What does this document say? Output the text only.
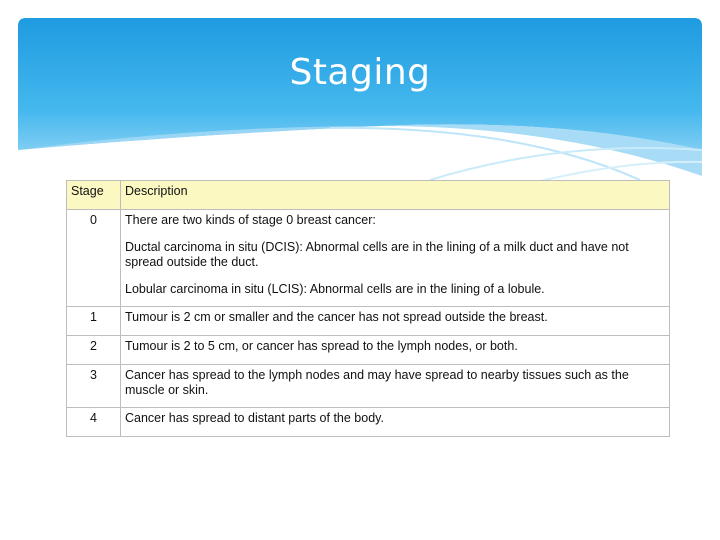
Staging
Stage	Description
0	There are two kinds of stage 0 breast cancer:

Ductal carcinoma in situ (DCIS): Abnormal cells are in the lining of a milk duct and have not spread outside the duct.

Lobular carcinoma in situ (LCIS): Abnormal cells are in the lining of a lobule.

1	Tumour is 2 cm or smaller and the cancer has not spread outside the breast.
2	Tumour is 2 to 5 cm, or cancer has spread to the lymph nodes, or both.
3	Cancer has spread to the lymph nodes and may have spread to nearby tissues such as the muscle or skin.
4	Cancer has spread to distant parts of the body.
